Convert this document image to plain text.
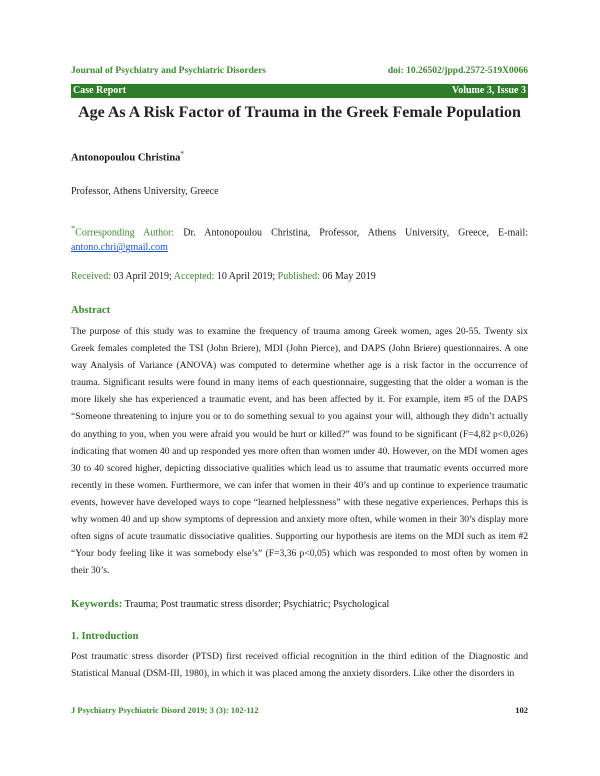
Journal of Psychiatry and Psychiatric Disorders	doi: 10.26502/jppd.2572-519X0066
Case Report	Volume 3, Issue 3
Age As A Risk Factor of Trauma in the Greek Female Population
Antonopoulou Christina*
Professor, Athens University, Greece
*Corresponding Author: Dr. Antonopoulou Christina, Professor, Athens University, Greece, E-mail: antono.chri@gmail.com
Received: 03 April 2019; Accepted: 10 April 2019; Published: 06 May 2019
Abstract

The purpose of this study was to examine the frequency of trauma among Greek women, ages 20-55. Twenty six Greek females completed the TSI (John Briere), MDI (John Pierce), and DAPS (John Briere) questionnaires. A one way Analysis of Variance (ANOVA) was computed to determine whether age is a risk factor in the occurrence of trauma. Significant results were found in many items of each questionnaire, suggesting that the older a woman is the more likely she has experienced a traumatic event, and has been affected by it. For example, item #5 of the DAPS “Someone threatening to injure you or to do something sexual to you against your will, although they didn’t actually do anything to you, when you were afraid you would be hurt or killed?” was found to be significant (F=4,82 p<0,026) indicating that women 40 and up responded yes more often than women under 40. However, on the MDI women ages 30 to 40 scored higher, depicting dissociative qualities which lead us to assume that traumatic events occurred more recently in these women. Furthermore, we can infer that women in their 40’s and up continue to experience traumatic events, however have developed ways to cope “learned helplessness” with these negative experiences. Perhaps this is why women 40 and up show symptoms of depression and anxiety more often, while women in their 30’s display more often signs of acute traumatic dissociative qualities. Supporting our hypothesis are items on the MDI such as item #2 “Your body feeling like it was somebody else’s” (F=3,36 p<0,05) which was responded to most often by women in their 30’s.

Keywords: Trauma; Post traumatic stress disorder; Psychiatric; Psychological
1. Introduction

Post traumatic stress disorder (PTSD) first received official recognition in the third edition of the Diagnostic and Statistical Manual (DSM-III, 1980), in which it was placed among the anxiety disorders. Like other the disorders in

J Psychiatry Psychiatric Disord 2019; 3 (3): 102-112	102
